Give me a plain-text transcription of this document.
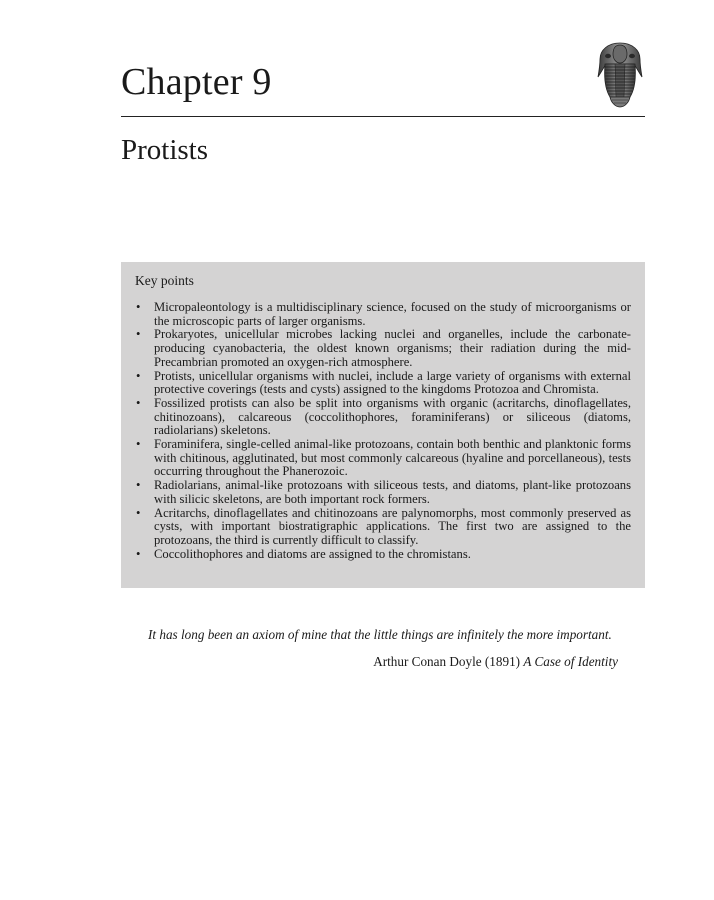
Chapter 9
Protists

Key points

• Micropaleontology is a multidisciplinary science, focused on the study of microorganisms or the microscopic parts of larger organisms.
• Prokaryotes, unicellular microbes lacking nuclei and organelles, include the carbonate-producing cyanobacteria, the oldest known organisms; their radiation during the mid-Precambrian promoted an oxygen-rich atmosphere.
• Protists, unicellular organisms with nuclei, include a large variety of organisms with external protective coverings (tests and cysts) assigned to the kingdoms Protozoa and Chromista.
• Fossilized protists can also be split into organisms with organic (acritarchs, dinoflagellates, chitinozoans), calcareous (coccolithophores, foraminiferans) or siliceous (diatoms, radiolarians) skeletons.
• Foraminifera, single-celled animal-like protozoans, contain both benthic and planktonic forms with chitinous, agglutinated, but most commonly calcareous (hyaline and porcellaneous), tests occurring throughout the Phanerozoic.
• Radiolarians, animal-like protozoans with siliceous tests, and diatoms, plant-like protozoans with silicic skeletons, are both important rock formers.
• Acritarchs, dinoflagellates and chitinozoans are palynomorphs, most commonly preserved as cysts, with important biostratigraphic applications. The first two are assigned to the protozoans, the third is currently difficult to classify.
• Coccolithophores and diatoms are assigned to the chromistans.

It has long been an axiom of mine that the little things are infinitely the more important.

Arthur Conan Doyle (1891) A Case of Identity
